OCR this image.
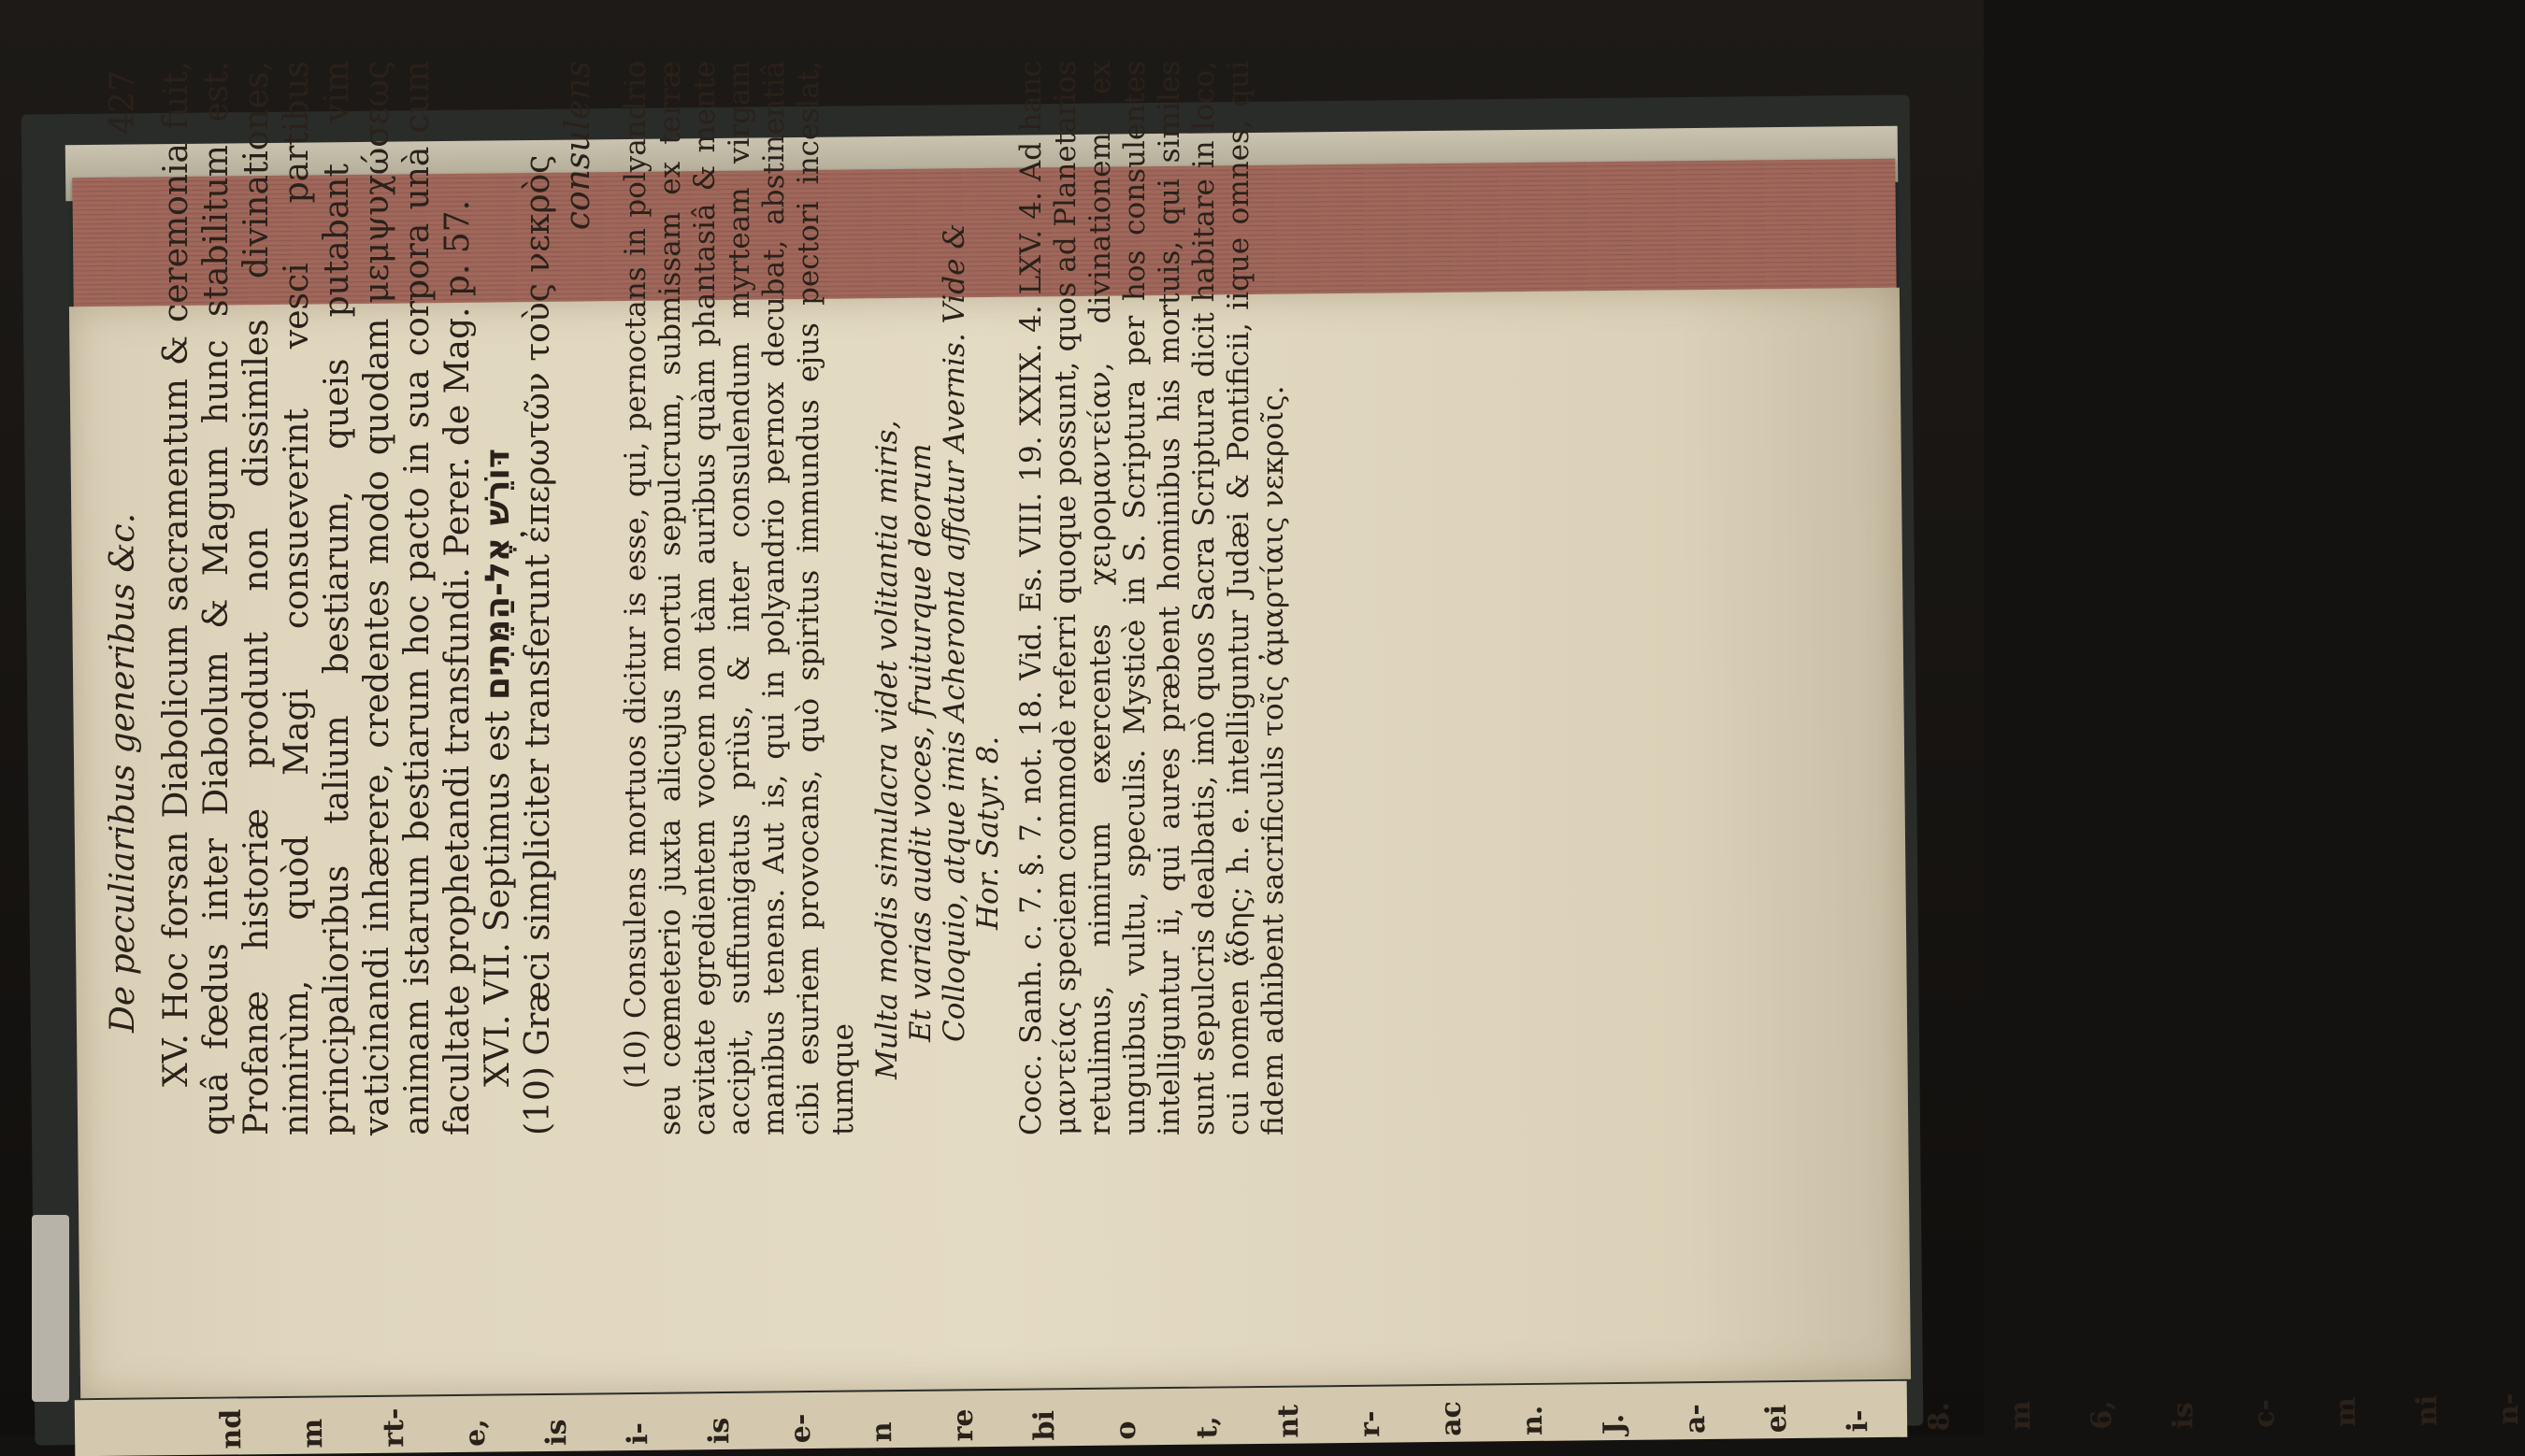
De peculiaribus generibus &c.
427 XV. Hoc forsan Diabolicum sacramentum & ceremonia fuit, quâ fœdus inter Diabolum & Magum hunc stabilitum est. Profanæ historiæ produnt non dissimiles divinationes, nimirùm, quòd Magi consueverint vesci partibus principalioribus talium bestiarum, queis putabant vim vaticinandi inhærere, credentes modo quodam μεμψυχώσεως animam istarum bestiarum hoc pacto in sua corpora unà cum facultate prophetandi transfundi. Perer. de Mag. p. 57. XVI. VII. Septimus est דּוֹרֵשׁ אֶל-הַמֵּתִים (10) Græci simpliciter transferunt ἐπερωτῶν τοὺς νεκρὸς

consulens (10) Consulens mortuos dicitur is esse, qui, pernoctans in polyandrio seu cœmeterio juxta alicujus mortui sepulcrum, submissam ex terræ cavitate egredientem vocem non tàm auribus quàm phantasiâ & mente accipit, suffumigatus priùs, & inter consulendum myrteam virgam manibus tenens. Aut is, qui in polyandrio pernox decubat, abstinentiâ cibi esuriem provocans, quò spiritus immundus ejus pectori inceslat, tumque

Multa modis simulacra videt volitantia miris, Et varias audit voces, fruiturque deorum Colloquio, atque imis Acheronta affatur Avernis. Vide & Hor. Satyr. 8. Cocc. Sanh. c. 7. §. 7. not. 18. Vid. Es. VIII. 19. XXIX. 4. LXV. 4. Ad hanc μαντείας speciem commodè referri quoque possunt, quos ad Planetarios retulimus, nimirum exercentes χειρομαντείαν, divinationem ex unguibus, vultu, speculis. Mysticè in S. Scriptura per hos consulentes intelliguntur ii, qui aures præbent hominibus his mortuis, qui similes sunt sepulcris dealbatis, imò quos Sacra Scriptura dicit habitare in loco, cui nomen ᾅδης; h. e. intelliguntur Judæi & Pontificii, iique omnes, qui fidem adhibent sacrificulis τοῖς ἀμαρτίαις νεκροῖς.

nd m rt- e, is i- is e- n re bi o t, nt r- ac n. J. a- ei i- 8. m 6, is c- m ni n-
